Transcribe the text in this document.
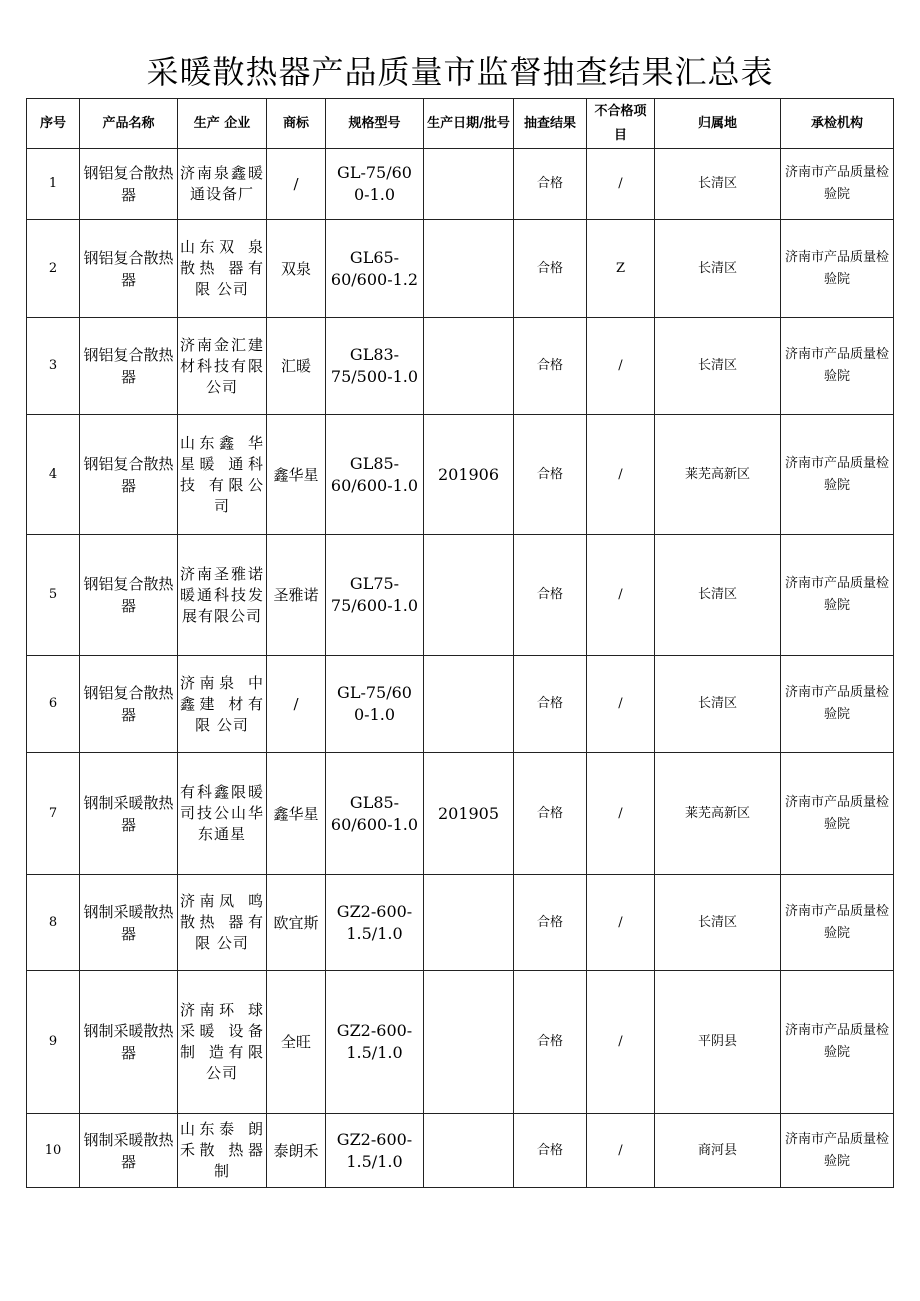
采暖散热器产品质量市监督抽查结果汇总表
序号	产品名称	生产 企业	商标	规格型号	生产日期/批号	抽查结果	不合格项目	归属地	承检机构
1	钢铝复合散热器	济南泉鑫暖通设备厂	/	GL-75/60 0-1.0		合格	/	长清区	济南市产品质量检验院
2	钢铝复合散热器	山东双 泉散热 器有限 公司	双泉	GL65-60/600-1.2		合格	Z	长清区	济南市产品质量检验院
3	钢铝复合散热器	济南金汇建材科技有限公司	汇暖	GL83-75/500-1.0		合格	/	长清区	济南市产品质量检验院
4	钢铝复合散热器	山东鑫 华星暖 通科技 有限公司	鑫华星	GL85-60/600-1.0	201906	合格	/	莱芜高新区	济南市产品质量检验院
5	钢铝复合散热器	济南圣雅诺暖通科技发展有限公司	圣雅诺	GL75-75/600-1.0		合格	/	长清区	济南市产品质量检验院
6	钢铝复合散热器	济南泉 中鑫建 材有限 公司	/	GL-75/60 0-1.0		合格	/	长清区	济南市产品质量检验院
7	钢制采暖散热器	有科鑫限暖司技公山华东通星	鑫华星	GL85-60/600-1.0	201905	合格	/	莱芜高新区	济南市产品质量检验院
8	钢制采暖散热器	济南凤 鸣散热 器有限 公司	欧宜斯	GZ2-600-1.5/1.0		合格	/	长清区	济南市产品质量检验院
9	钢制采暖散热器	济南环 球采暖 设备制 造有限 公司	全旺	GZ2-600-1.5/1.0		合格	/	平阴县	济南市产品质量检验院
10	钢制采暖散热器	山东泰 朗禾散 热器制	泰朗禾	GZ2-600-1.5/1.0		合格	/	商河县	济南市产品质量检验院
